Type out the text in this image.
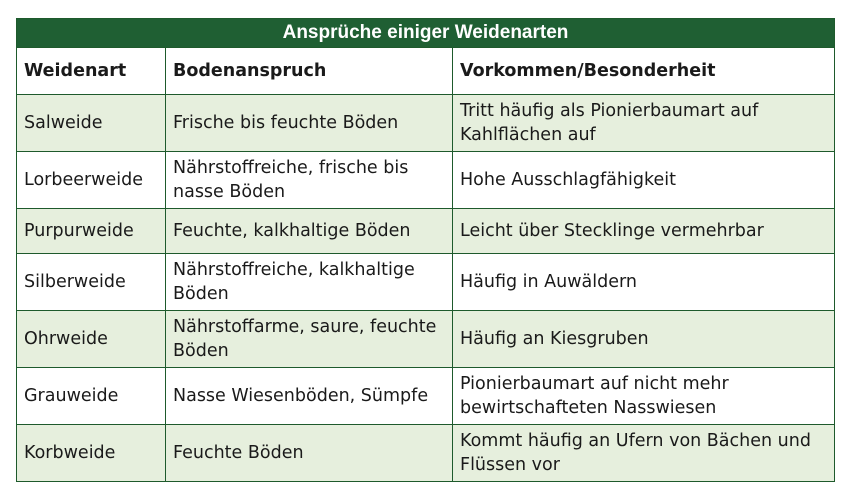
Ansprüche einiger Weidenarten		
Weidenart	Bodenanspruch	Vorkommen/Besonderheit
Salweide	Frische bis feuchte Böden	Tritt häufig als Pionierbaumart auf Kahlflächen auf
Lorbeerweide	Nährstoffreiche, frische bis nasse Böden	Hohe Ausschlagfähigkeit
Purpurweide	Feuchte, kalkhaltige Böden	Leicht über Stecklinge vermehrbar
Silberweide	Nährstoffreiche, kalkhaltige Böden	Häufig in Auwäldern
Ohrweide	Nährstoffarme, saure, feuchte Böden	Häufig an Kiesgruben
Grauweide	Nasse Wiesenböden, Sümpfe	Pionierbaumart auf nicht mehr bewirtschafteten Nasswiesen
Korbweide	Feuchte Böden	Kommt häufig an Ufern von Bächen und Flüssen vor
